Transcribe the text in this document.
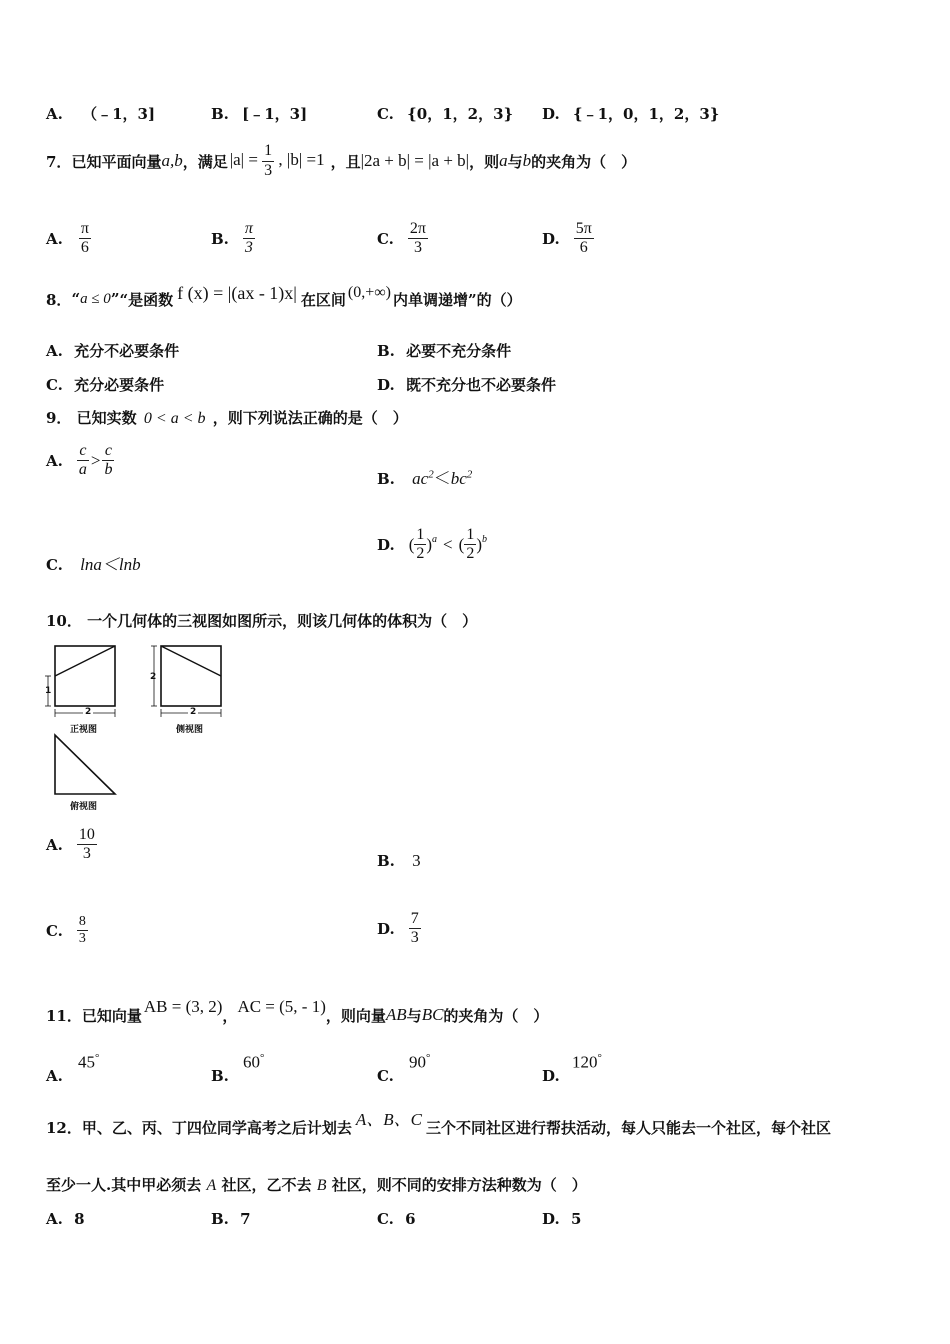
A. （﹣1，3]	B. [﹣1，3]	C. {0，1，2，3} D. {﹣1，0，1，2，3}
7． 已知平面向量 a,b ，满足 $|a| = \frac{1}{3}$ , |b| =1 ，且 |2a + b| = |a + b| ，则 a 与 b 的夹角为（　）
A. $\frac{\pi}{6}$	B. $\frac{\pi}{3}$	C. $\frac{2\pi}{3}$	D. $\frac{5\pi}{6}$
8． “ a ≤ 0 ” “是函数 f (x) = |(ax - 1)x| 在区间 (0,+∞) 内单调递增”的（）
A. 充分不必要条件	B. 必要不充分条件
C. 充分必要条件	D. 既不充分也不必要条件
9． 已知实数 0 < a < b ，则下列说法正确的是（　）
A. $\frac{c}{a} > \frac{c}{b}$	B. $ac^2<bc^2$
C. lna＜lnb
D. ( $\frac{1}{2}$ ) a < ( $\frac{1}{2}$ ) b
10． 一个几何体的三视图如图所示，则该几何体的体积为（　）
1
2
正视图
2
2
侧视图
俯视图
A. $\frac{10}{3}$	B. 3
C. $\frac{8}{3}$	D. $\frac{7}{3}$
11． 已知向量 AB = (3, 2) ， AC = (5, - 1) ，则向量 AB 与 BC 的夹角为（　）
A.
45°
B.
60°
C.
90°
D.
120°
12． 甲、乙、丙、丁四位同学高考之后计划去 A、B、C 三个不同社区进行帮扶活动，每人只能去一个社区，每个社区
至少一人.其中甲必须去 A 社区，乙不去 B 社区，则不同的安排方法种数为（　）
A. 8	B. 7	C. 6	D. 5
